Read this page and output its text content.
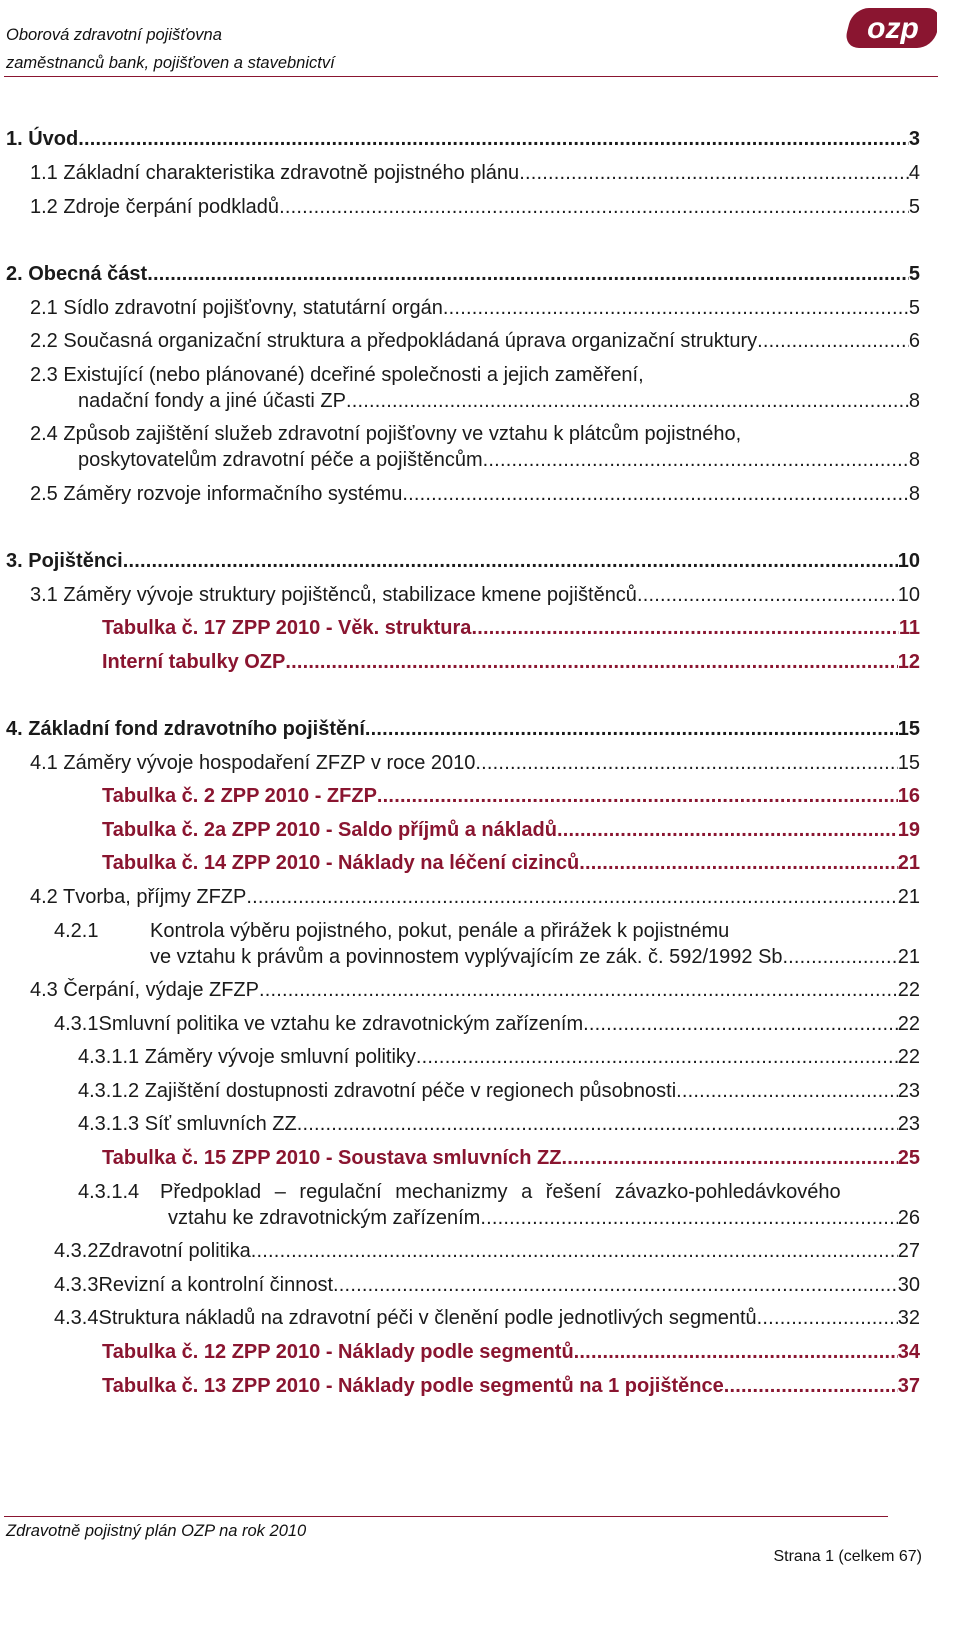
Oborová zdravotní pojišťovna
zaměstnanců bank, pojišťoven a stavebnictví
ozp
1. Úvod .....	3
1.1 Základní charakteristika zdravotně pojistného plánu .....	4
1.2 Zdroje čerpání podkladů .....	5
2. Obecná část .....	5
2.1 Sídlo zdravotní pojišťovny, statutární orgán .....	5
2.2 Současná organizační struktura a předpokládaná úprava organizační struktury .....	6
2.3 Existující (nebo plánované) dceřiné společnosti a jejich zaměření,
nadační fondy a jiné účasti ZP .....	8
2.4 Způsob zajištění služeb zdravotní pojišťovny ve vztahu k plátcům pojistného,
poskytovatelům zdravotní péče a pojištěncům .....	8
2.5 Záměry rozvoje informačního systému .....	8
3. Pojištěnci .....	10
3.1 Záměry vývoje struktury pojištěnců, stabilizace kmene pojištěnců .....	10
Tabulka č. 17 ZPP 2010 - Věk. struktura .....	11
Interní tabulky OZP .....	12
4. Základní fond zdravotního pojištění .....	15
4.1 Záměry vývoje hospodaření ZFZP v roce 2010 .....	15
Tabulka č. 2 ZPP 2010 - ZFZP .....	16
Tabulka č. 2a ZPP 2010 - Saldo příjmů a nákladů .....	19
Tabulka č. 14 ZPP 2010 - Náklady na léčení cizinců .....	21
4.2 Tvorba, příjmy ZFZP .....	21
4.2.1	Kontrola výběru pojistného, pokut, penále a přirážek k pojistnému
ve vztahu k právům a povinnostem vyplývajícím ze zák. č. 592/1992 Sb. .....	21
4.3 Čerpání, výdaje ZFZP .....	22
4.3.1 Smluvní politika ve vztahu ke zdravotnickým zařízením .....	22
4.3.1.1 Záměry vývoje smluvní politiky .....	22
4.3.1.2 Zajištění dostupnosti zdravotní péče v regionech působnosti .....	23
4.3.1.3 Síť smluvních ZZ .....	23
Tabulka č. 15 ZPP 2010 - Soustava smluvních ZZ .....	25
4.3.1.4 Předpoklad – regulační mechanizmy a řešení závazko-pohledávkového
vztahu ke zdravotnickým zařízením .....	26
4.3.2 Zdravotní politika .....	27
4.3.3 Revizní a kontrolní činnost .....	30
4.3.4 Struktura nákladů na zdravotní péči v členění podle jednotlivých segmentů .....	32
Tabulka č. 12 ZPP 2010 - Náklady podle segmentů .....	34
Tabulka č. 13 ZPP 2010 - Náklady podle segmentů na 1 pojištěnce .....	37
Zdravotně pojistný plán OZP na rok 2010
Strana 1 (celkem 67)
